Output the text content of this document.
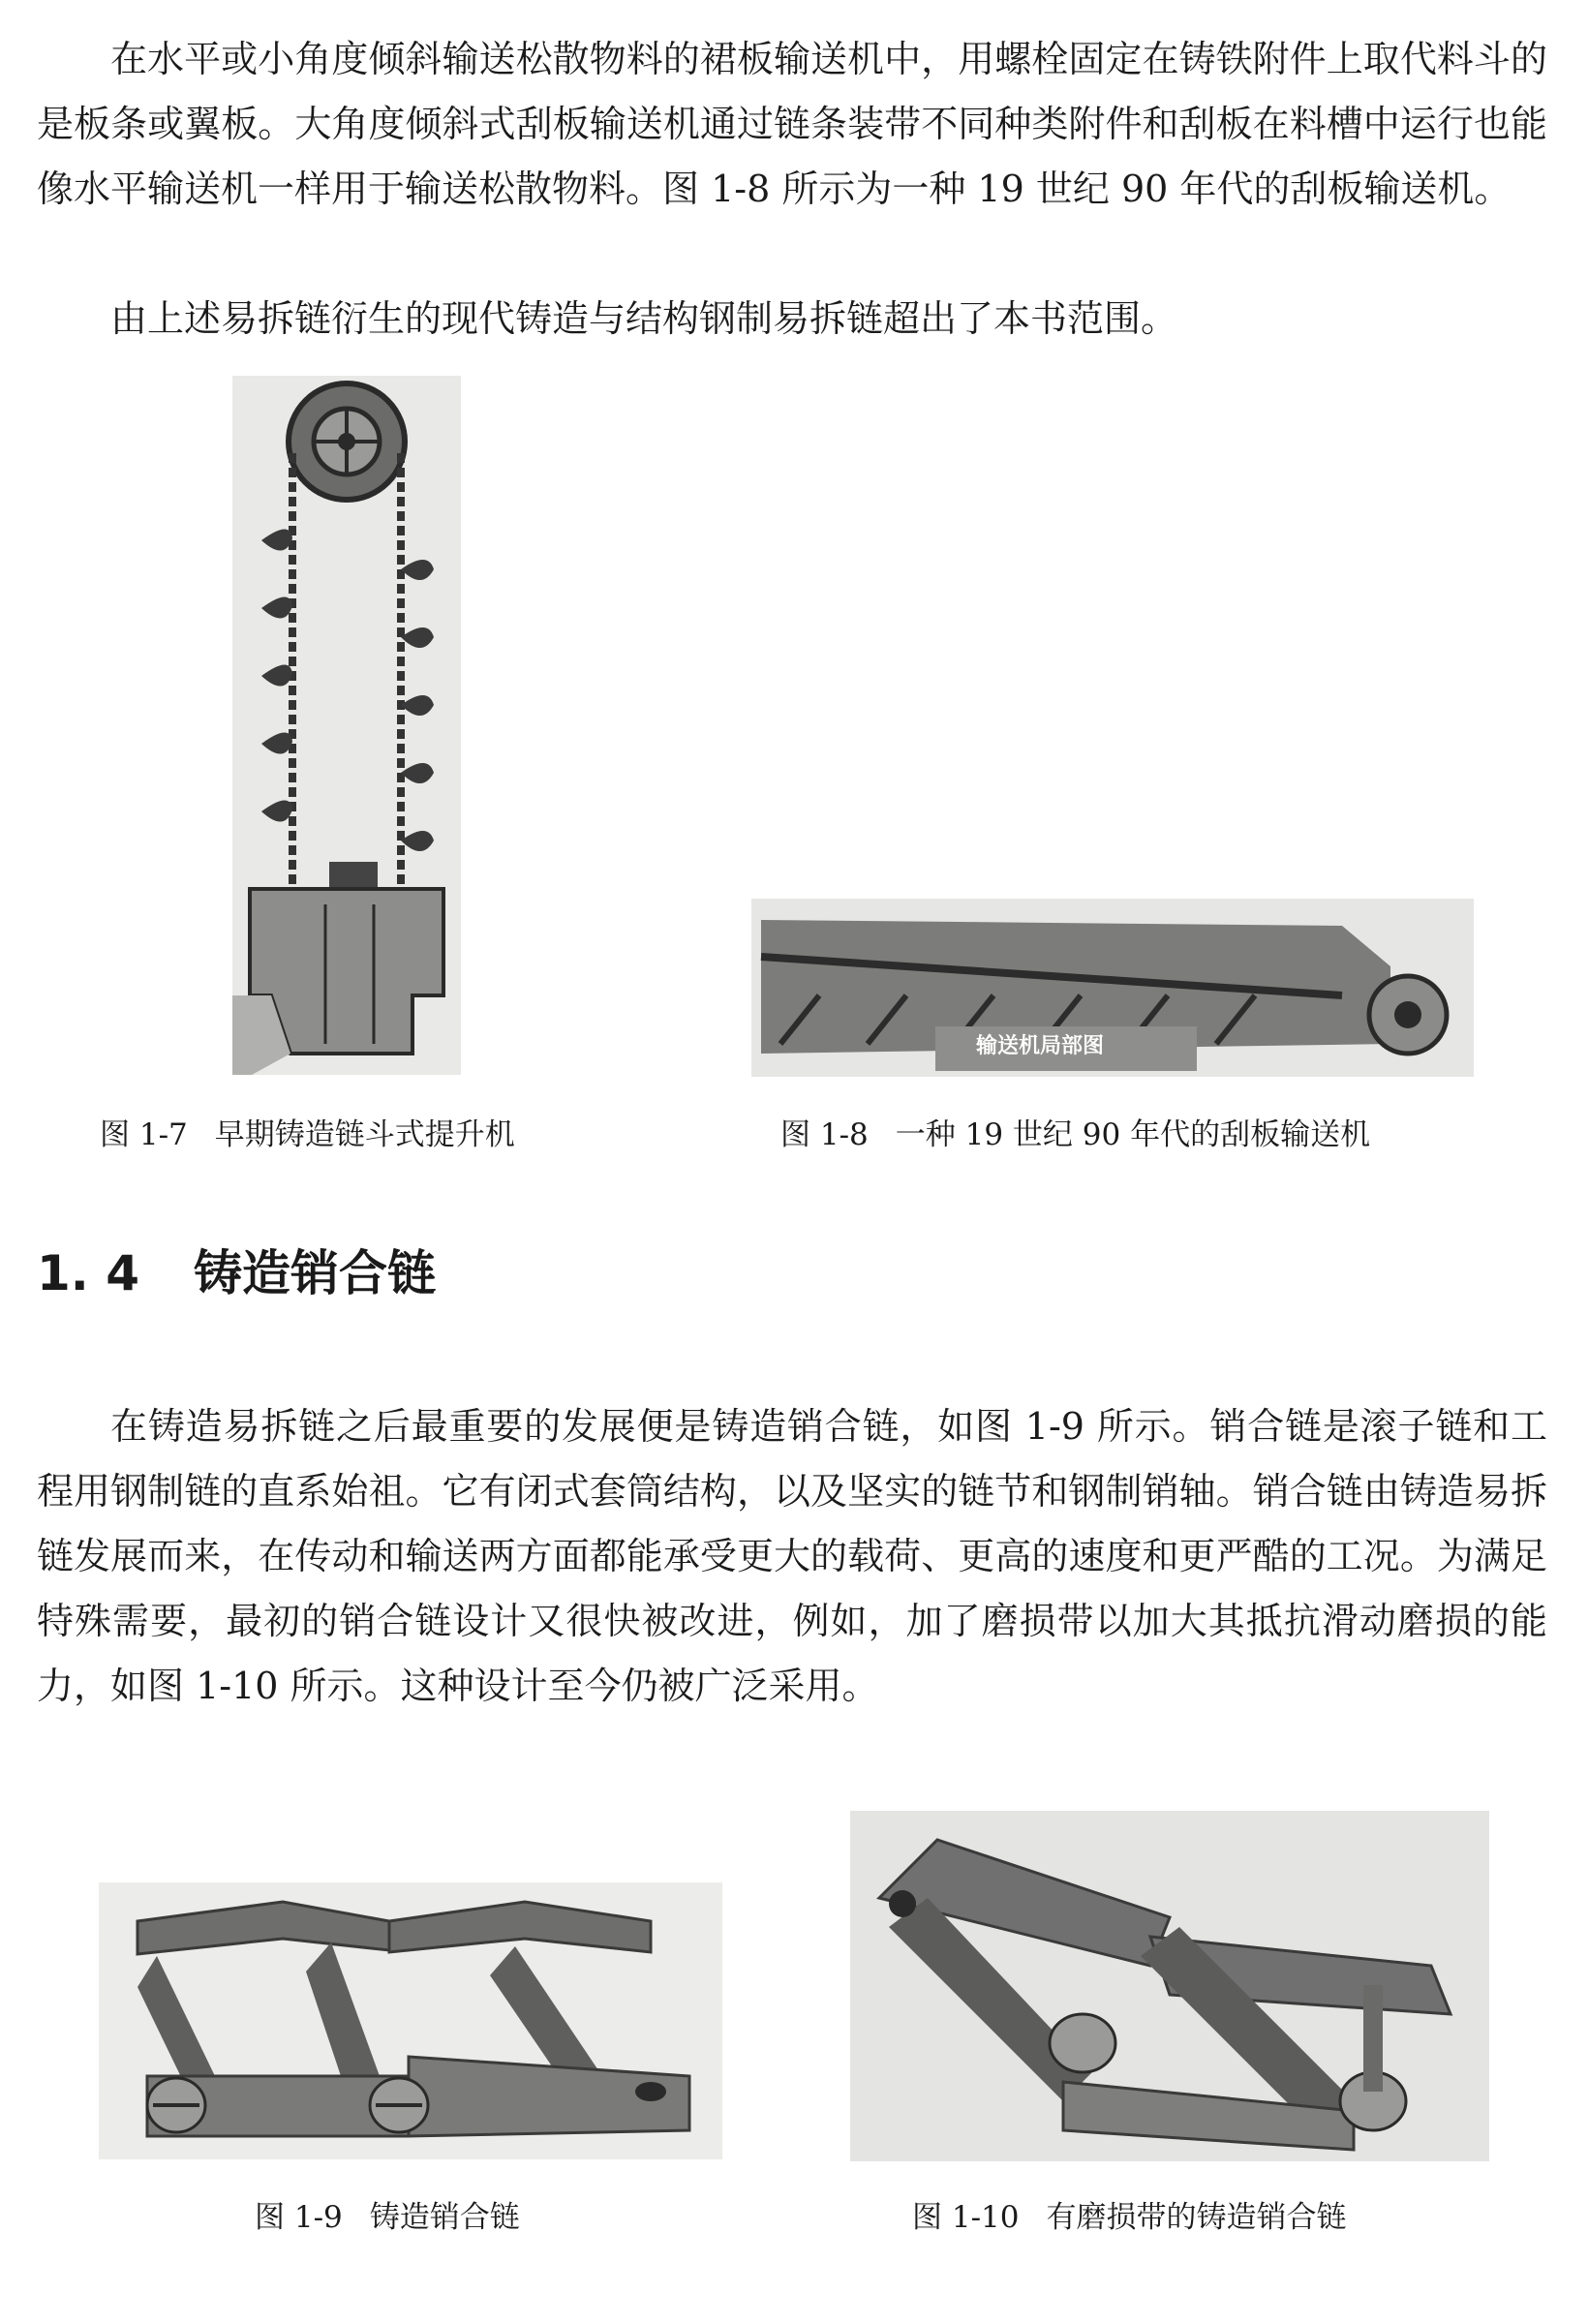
在水平或小角度倾斜输送松散物料的裙板输送机中，用螺栓固定在铸铁附件上取代料斗的是板条或翼板。大角度倾斜式刮板输送机通过链条装带不同种类附件和刮板在料槽中运行也能像水平输送机一样用于输送松散物料。图 1-8 所示为一种 19 世纪 90 年代的刮板输送机。

由上述易拆链衍生的现代铸造与结构钢制易拆链超出了本书范围。

图 1-7 早期铸造链斗式提升机
输送机局部图
图 1-8 一种 19 世纪 90 年代的刮板输送机
1. 4 铸造销合链

在铸造易拆链之后最重要的发展便是铸造销合链，如图 1-9 所示。销合链是滚子链和工程用钢制链的直系始祖。它有闭式套筒结构，以及坚实的链节和钢制销轴。销合链由铸造易拆链发展而来，在传动和输送两方面都能承受更大的载荷、更高的速度和更严酷的工况。为满足特殊需要，最初的销合链设计又很快被改进，例如，加了磨损带以加大其抵抗滑动磨损的能力，如图 1-10 所示。这种设计至今仍被广泛采用。

图 1-9 铸造销合链	图 1-10 有磨损带的铸造销合链
